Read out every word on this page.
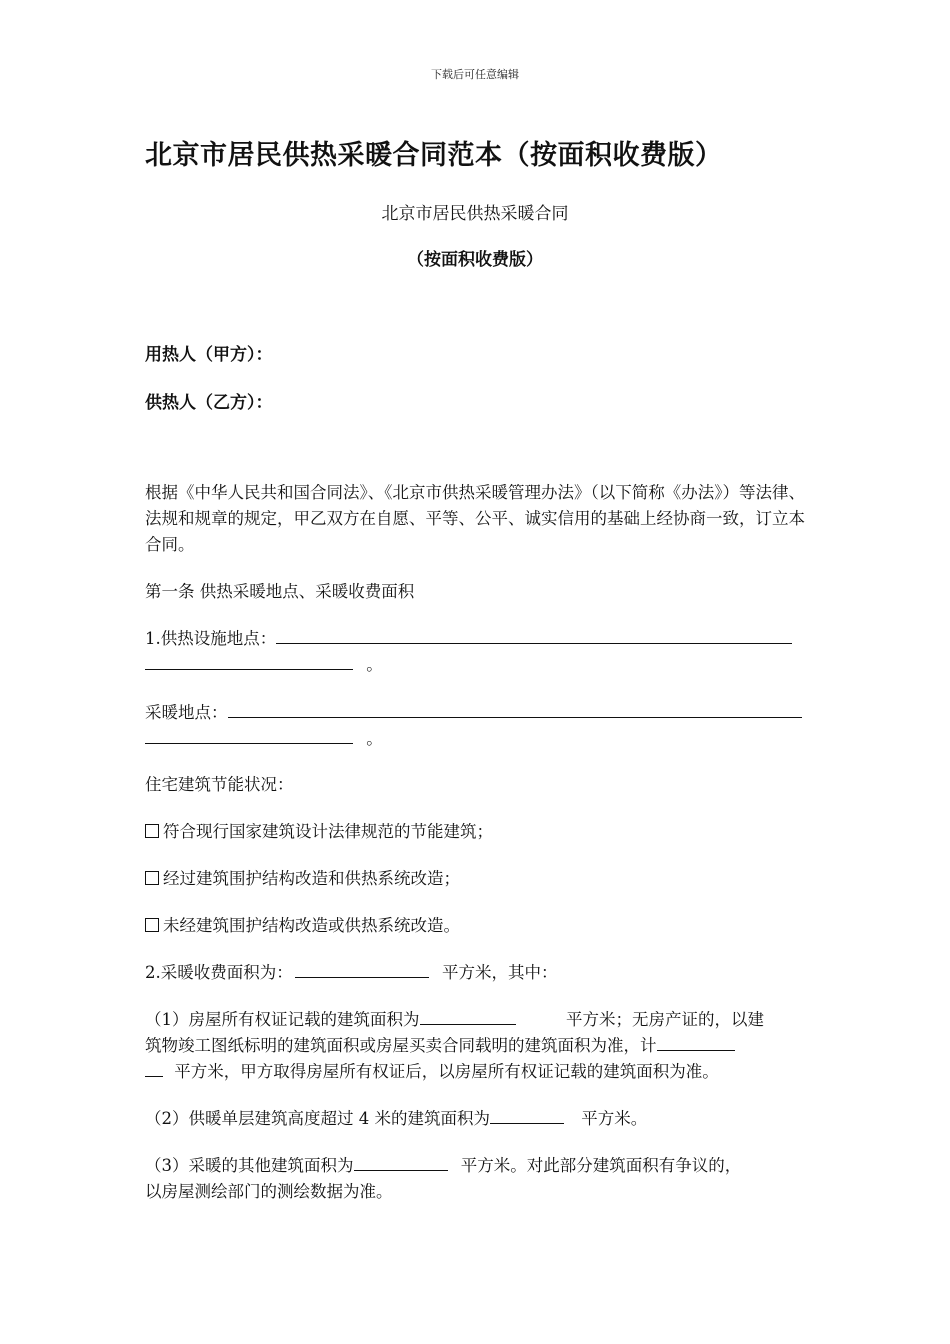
下载后可任意编辑
北京市居民供热采暖合同范本（按面积收费版）
北京市居民供热采暖合同
（按面积收费版）
用热人（甲方）：
供热人（乙方）：

根据《中华人民共和国合同法》、《北京市供热采暖管理办法》（以下简称《办法》）等法律、法规和规章的规定，甲乙双方在自愿、平等、公平、诚实信用的基础上经协商一致，订立本合同。

第一条 供热采暖地点、采暖收费面积
1.供热设施地点：
。
采暖地点：
。
住宅建筑节能状况：
符合现行国家建筑设计法律规范的节能建筑；
经过建筑围护结构改造和供热系统改造；
未经建筑围护结构改造或供热系统改造。
2.采暖收费面积为：	平方米，其中：
（1）房屋所有权证记载的建筑面积为	平方米；无房产证的，以建
筑物竣工图纸标明的建筑面积或房屋买卖合同载明的建筑面积为准，计
平方米，甲方取得房屋所有权证后，以房屋所有权证记载的建筑面积为准。
（2）供暖单层建筑高度超过 4 米的建筑面积为	平方米。
（3）采暖的其他建筑面积为	平方米。对此部分建筑面积有争议的，
以房屋测绘部门的测绘数据为准。
